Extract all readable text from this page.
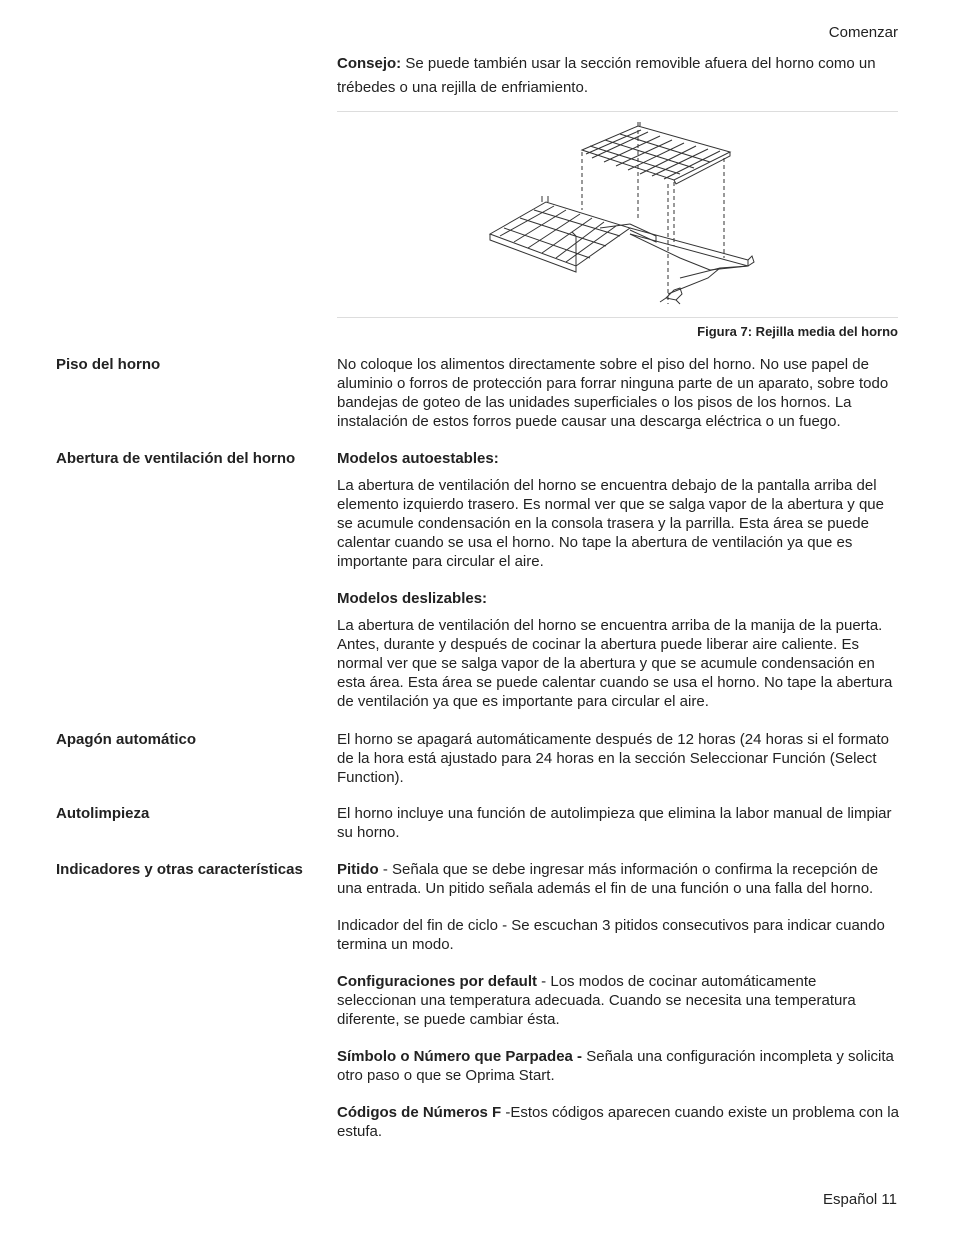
Comenzar

Consejo: Se puede también usar la sección removible afuera del horno como un trébedes o una rejilla de enfriamiento.

Figura 7: Rejilla media del horno
Piso del horno	No coloque los alimentos directamente sobre el piso del horno. No use papel de aluminio o forros de protección para forrar ninguna parte de un aparato, sobre todo bandejas de goteo de las unidades superficiales o los pisos de los hornos. La instalación de estos forros puede causar una descarga eléctrica o un fuego.

Abertura de ventilación del horno	Modelos autoestables:

La abertura de ventilación del horno se encuentra debajo de la pantalla arriba del elemento izquierdo trasero. Es normal ver que se salga vapor de la abertura y que se acumule condensación en la consola trasera y la parrilla. Esta área se puede calentar cuando se usa el horno. No tape la abertura de ventilación ya que es importante para circular el aire.

Modelos deslizables:

La abertura de ventilación del horno se encuentra arriba de la manija de la puerta. Antes, durante y después de cocinar la abertura puede liberar aire caliente. Es normal ver que se salga vapor de la abertura y que se acumule condensación en esta área. Esta área se puede calentar cuando se usa el horno. No tape la abertura de ventilación ya que es importante para circular el aire.

Apagón automático	El horno se apagará automáticamente después de 12 horas (24 horas si el formato de la hora está ajustado para 24 horas en la sección Seleccionar Función (Select Function).

Autolimpieza	El horno incluye una función de autolimpieza que elimina la labor manual de limpiar su horno.

Indicadores y otras características	Pitido - Señala que se debe ingresar más información o confirma la recepción de una entrada. Un pitido señala además el fin de una función o una falla del horno.

Indicador del fin de ciclo - Se escuchan 3 pitidos consecutivos para indicar cuando termina un modo.

Configuraciones por default - Los modos de cocinar automáticamente seleccionan una temperatura adecuada. Cuando se necesita una temperatura diferente, se puede cambiar ésta.

Símbolo o Número que Parpadea - Señala una configuración incompleta y solicita otro paso o que se Oprima Start.

Códigos de Números F -Estos códigos aparecen cuando existe un problema con la estufa.

Español 11
